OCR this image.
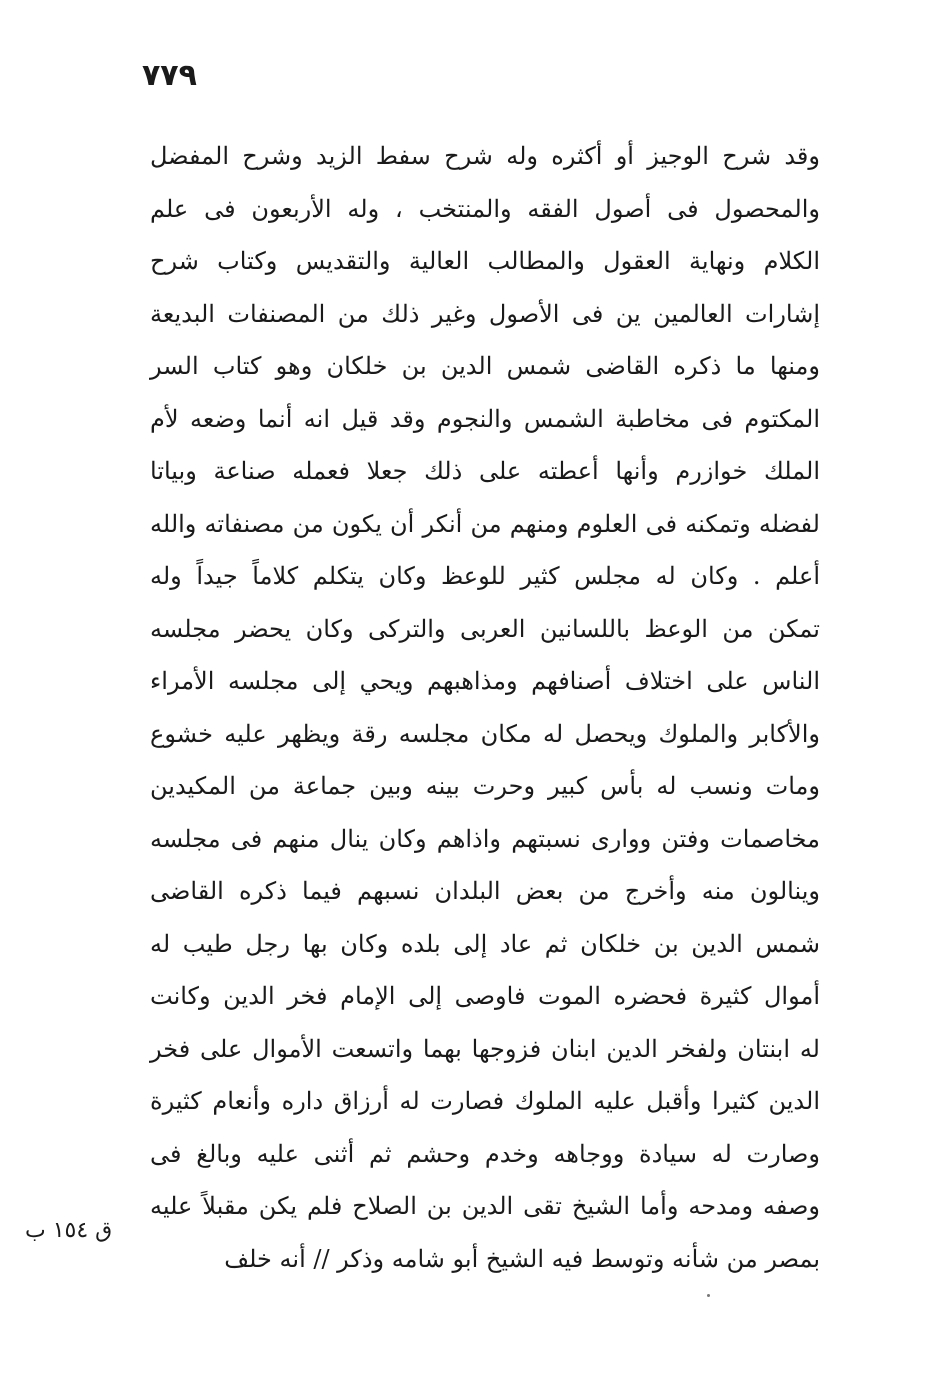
٧٧٩
وقد شرح الوجيز أو أكثره وله شرح سفط الزيد وشرح المفضل
والمحصول فى أصول الفقه والمنتخب ، وله الأربعون فى علم
الكلام ونهاية العقول والمطالب العالية والتقديس وكتاب شرح
إشارات العالمين ين فى الأصول وغير ذلك من المصنفات البديعة
ومنها ما ذكره القاضى شمس الدين بن خلكان وهو كتاب السر
المكتوم فى مخاطبة الشمس والنجوم وقد قيل انه أنما وضعه لأم
الملك خوازرم وأنها أعطته على ذلك جعلا فعمله صناعة وبياتا
لفضله وتمكنه فى العلوم ومنهم من أنكر أن يكون من مصنفاته والله
أعلم . وكان له مجلس كثير للوعظ وكان يتكلم كلاماً جيداً وله
تمكن من الوعظ باللسانين العربى والتركى وكان يحضر مجلسه
الناس على اختلاف أصنافهم ومذاهبهم ويحي إلى مجلسه الأمراء
والأكابر والملوك ويحصل له مكان مجلسه رقة ويظهر عليه خشوع
ومات ونسب له بأس كبير وحرت بينه وبين جماعة من المكيدين
مخاصمات وفتن ووارى نسبتهم واذاهم وكان ينال منهم فى مجلسه
وينالون منه وأخرج من بعض البلدان نسبهم فيما ذكره القاضى
شمس الدين بن خلكان ثم عاد إلى بلده وكان بها رجل طيب له
أموال كثيرة فحضره الموت فاوصى إلى الإمام فخر الدين وكانت
له ابنتان ولفخر الدين ابنان فزوجها بهما واتسعت الأموال على فخر
الدين كثيرا وأقبل عليه الملوك فصارت له أرزاق داره وأنعام كثيرة
وصارت له سيادة ووجاهه وخدم وحشم ثم أثنى عليه وبالغ فى
وصفه ومدحه وأما الشيخ تقى الدين بن الصلاح فلم يكن مقبلاً عليه
بمصر من شأنه وتوسط فيه الشيخ أبو شامه وذكر // أنه خلف
ق ١٥٤ ب
